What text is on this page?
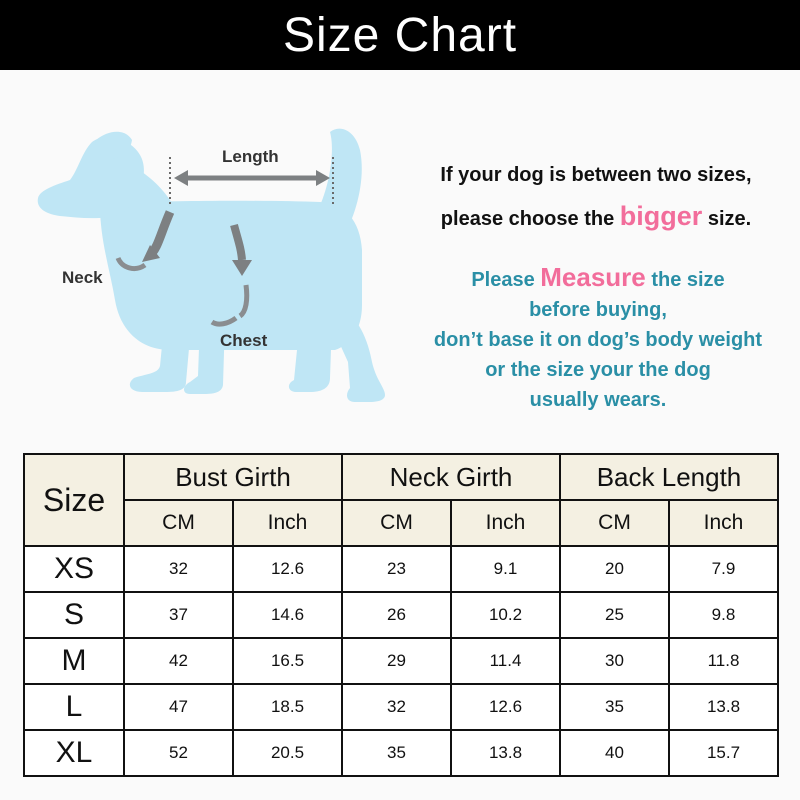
Size Chart
Length
Neck
Chest
If your dog is between two sizes,
please choose the bigger size.
Please Measure the size
before buying,
don’t base it on dog’s body weight
or the size your the dog
usually wears.
Size	Bust Girth		Neck Girth		Back Length	
	CM	Inch	CM	Inch	CM	Inch
XS	32	12.6	23	9.1	20	7.9
S	37	14.6	26	10.2	25	9.8
M	42	16.5	29	11.4	30	11.8
L	47	18.5	32	12.6	35	13.8
XL	52	20.5	35	13.8	40	15.7
